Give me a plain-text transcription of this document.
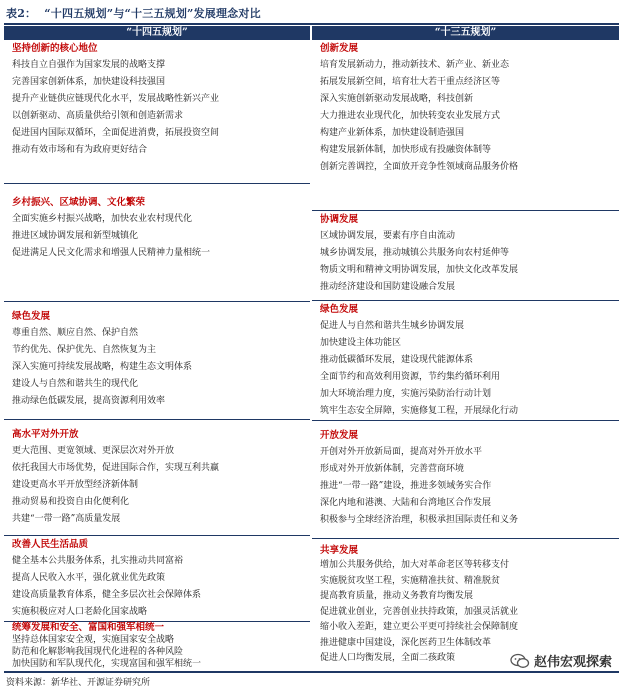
表2： “十四五规划”与“十三五规划”发展理念对比
“十四五规划”
坚持创新的核心地位
科技自立自强作为国家发展的战略支撑
完善国家创新体系，加快建设科技强国
提升产业链供应链现代化水平，发展战略性新兴产业
以创新驱动、高质量供给引领和创造新需求
促进国内国际双循环，全面促进消费，拓展投资空间
推动有效市场和有为政府更好结合
乡村振兴、区域协调、文化繁荣
全面实施乡村振兴战略，加快农业农村现代化
推进区域协调发展和新型城镇化
促进满足人民文化需求和增强人民精神力量相统一
绿色发展
尊重自然、顺应自然、保护自然
节约优先、保护优先、自然恢复为主
深入实施可持续发展战略，构建生态文明体系
建设人与自然和谐共生的现代化
推动绿色低碳发展，提高资源利用效率
高水平对外开放
更大范围、更宽领域、更深层次对外开放
依托我国大市场优势，促进国际合作，实现互利共赢
建设更高水平开放型经济新体制
推动贸易和投资自由化便利化
共建“一带一路”高质量发展
改善人民生活品质
健全基本公共服务体系，扎实推动共同富裕
提高人民收入水平，强化就业优先政策
建设高质量教育体系，健全多层次社会保障体系
实施积极应对人口老龄化国家战略
统筹发展和安全、富国和强军相统一
坚持总体国家安全观，实施国家安全战略
防范和化解影响我国现代化进程的各种风险
加快国防和军队现代化，实现富国和强军相统一
“十三五规划”
创新发展
培育发展新动力，推动新技术、新产业、新业态
拓展发展新空间，培育壮大若干重点经济区等
深入实施创新驱动发展战略，科技创新
大力推进农业现代化，加快转变农业发展方式
构建产业新体系，加快建设制造强国
构建发展新体制，加快形成有投融资体制等
创新完善调控，全面放开竞争性领域商品服务价格
协调发展
区域协调发展，要素有序自由流动
城乡协调发展，推动城镇公共服务向农村延伸等
物质文明和精神文明协调发展，加快文化改革发展
推动经济建设和国防建设融合发展
绿色发展
促进人与自然和谐共生城乡协调发展
加快建设主体功能区
推动低碳循环发展，建设现代能源体系
全面节约和高效利用资源，节约集约循环利用
加大环境治理力度，实施污染防治行动计划
筑牢生态安全屏障，实施修复工程，开展绿化行动
开放发展
开创对外开放新局面，提高对外开放水平
形成对外开放新体制，完善营商环境
推进“一带一路”建设，推进多领域务实合作
深化内地和港澳、大陆和台湾地区合作发展
积极参与全球经济治理，积极承担国际责任和义务
共享发展
增加公共服务供给，加大对革命老区等转移支付
实施脱贫攻坚工程，实施精准扶贫、精准脱贫
提高教育质量，推动义务教育均衡发展
促进就业创业，完善创业扶持政策，加强灵活就业
缩小收入差距，建立更公平更可持续社会保障制度
推进健康中国建设，深化医药卫生体制改革
促进人口均衡发展，全面二孩政策
资料来源：新华社、开源证券研究所
赵伟宏观探索
